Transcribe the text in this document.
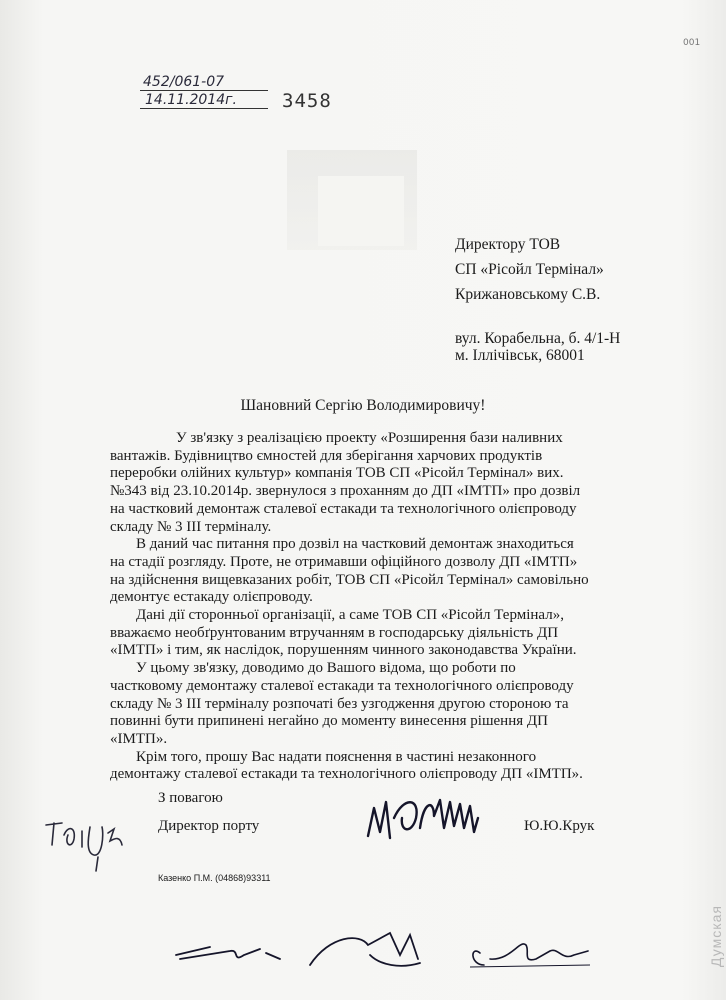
001
452/061-07
14.11.2014г. 3458
Директору ТОВ
СП «Рісойл Термінал»
Крижановському С.В.
вул. Корабельна, б. 4/1-Н
м. Іллічівськ, 68001
Шановний Сергію Володимировичу!

У зв'язку з реалізацією проекту «Розширення бази наливних вантажів. Будівництво ємностей для зберігання харчових продуктів переробки олійних культур» компанія ТОВ СП «Рісойл Термінал» вих. №343 від 23.10.2014р. звернулося з проханням до ДП «ІМТП» про дозвіл на частковий демонтаж сталевої естакади та технологічного олієпроводу складу № 3 ІІІ терміналу.

В даний час питання про дозвіл на частковий демонтаж знаходиться на стадії розгляду. Проте, не отримавши офіційного дозволу ДП «ІМТП» на здійснення вищевказаних робіт, ТОВ СП «Рісойл Термінал» самовільно демонтує естакаду олієпроводу.

Дані дії сторонньої організації, а саме ТОВ СП «Рісойл Термінал», вважаємо необґрунтованим втручанням в господарську діяльність ДП «ІМТП» і тим, як наслідок, порушенням чинного законодавства України.

У цьому зв'язку, доводимо до Вашого відома, що роботи по частковому демонтажу сталевої естакади та технологічного олієпроводу складу № 3 ІІІ терміналу розпочаті без узгодження другою стороною та повинні бути припинені негайно до моменту винесення рішення ДП «ІМТП».

Крім того, прошу Вас надати пояснення в частині незаконного демонтажу сталевої естакади та технологічного олієпроводу ДП «ІМТП».

З повагою
Директор порту	Ю.Ю.Крук
Казенко П.М. (04868)93311
Думская
